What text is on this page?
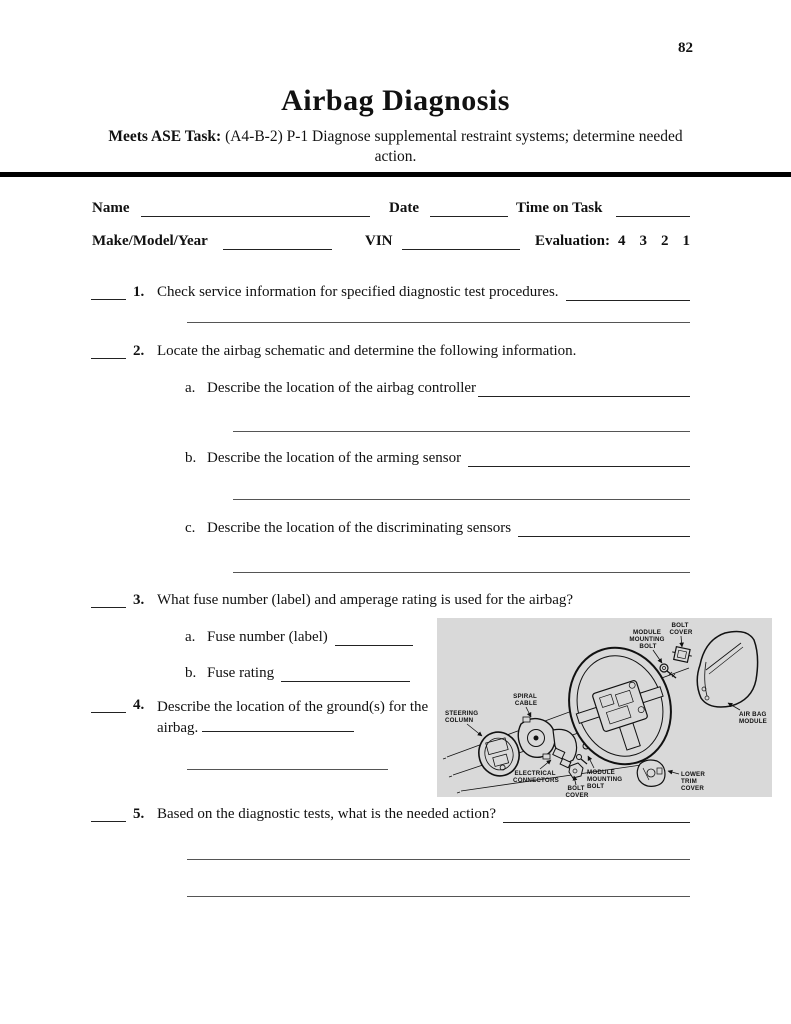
82
Airbag Diagnosis
Meets ASE Task: (A4-B-2) P-1 Diagnose supplemental restraint systems; determine needed
action.
Name	Date	Time on Task
Make/Model/Year	VIN	Evaluation: 4 3 2 1
1. Check service information for specified diagnostic test procedures.
2. Locate the airbag schematic and determine the following information.
a. Describe the location of the airbag controller
b. Describe the location of the arming sensor
c. Describe the location of the discriminating sensors
3. What fuse number (label) and amperage rating is used for the airbag?
a. Fuse number (label)
b. Fuse rating
4. Describe the location of the ground(s) for the airbag.
5. Based on the diagnostic tests, what is the needed action?
BOLT COVER
MODULE MOUNTING BOLT
AIR BAG MODULE
SPIRAL CABLE
STEERING COLUMN
ELECTRICAL CONNECTORS
BOLT COVER
MODULE MOUNTING BOLT
LOWER TRIM COVER
